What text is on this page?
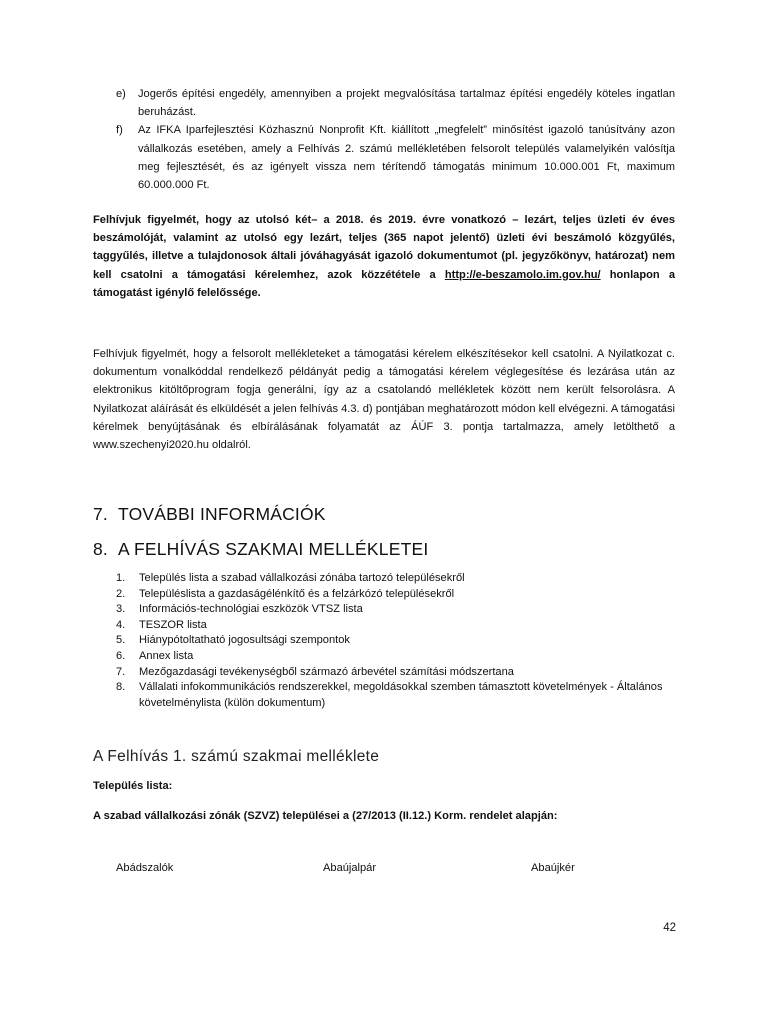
e) Jogerős építési engedély, amennyiben a projekt megvalósítása tartalmaz építési engedély köteles ingatlan beruházást.
f) Az IFKA Iparfejlesztési Közhasznú Nonprofit Kft. kiállított „megfelelt” minősítést igazoló tanúsítvány azon vállalkozás esetében, amely a Felhívás 2. számú mellékletében felsorolt település valamelyikén valósítja meg fejlesztését, és az igényelt vissza nem térítendő támogatás minimum 10.000.001 Ft, maximum 60.000.000 Ft.
Felhívjuk figyelmét, hogy az utolsó két– a 2018. és 2019. évre vonatkozó – lezárt, teljes üzleti év éves beszámolóját, valamint az utolsó egy lezárt, teljes (365 napot jelentő) üzleti évi beszámoló közgyűlés, taggyűlés, illetve a tulajdonosok általi jóváhagyását igazoló dokumentumot (pl. jegyzőkönyv, határozat) nem kell csatolni a támogatási kérelemhez, azok közzététele a http://e-beszamolo.im.gov.hu/ honlapon a támogatást igénylő felelőssége.
Felhívjuk figyelmét, hogy a felsorolt mellékleteket a támogatási kérelem elkészítésekor kell csatolni. A Nyilatkozat c. dokumentum vonalkóddal rendelkező példányát pedig a támogatási kérelem véglegesítése és lezárása után az elektronikus kitöltőprogram fogja generálni, így az a csatolandó mellékletek között nem került felsorolásra. A Nyilatkozat aláírását és elküldését a jelen felhívás 4.3. d) pontjában meghatározott módon kell elvégezni. A támogatási kérelmek benyújtásának és elbírálásának folyamatát az ÁÚF 3. pontja tartalmazza, amely letölthető a www.szechenyi2020.hu oldalról.
7. TOVÁBBI INFORMÁCIÓK
8. A FELHÍVÁS SZAKMAI MELLÉKLETEI
1. Település lista a szabad vállalkozási zónába tartozó településekről
2. Településlista a gazdaságélénkítő és a felzárkózó településekről
3. Információs-technológiai eszközök VTSZ lista
4. TESZOR lista
5. Hiánypótoltatható jogosultsági szempontok
6. Annex lista
7. Mezőgazdasági tevékenységből származó árbevétel számítási módszertana
8. Vállalati infokommunikációs rendszerekkel, megoldásokkal szemben támasztott követelmények - Általános követelménylista (külön dokumentum)
A Felhívás 1. számú szakmai melléklete
Település lista:
A szabad vállalkozási zónák (SZVZ) települései a (27/2013 (II.12.) Korm. rendelet alapján:
Abádszalók	Abaújalpár	Abaújkér
42
